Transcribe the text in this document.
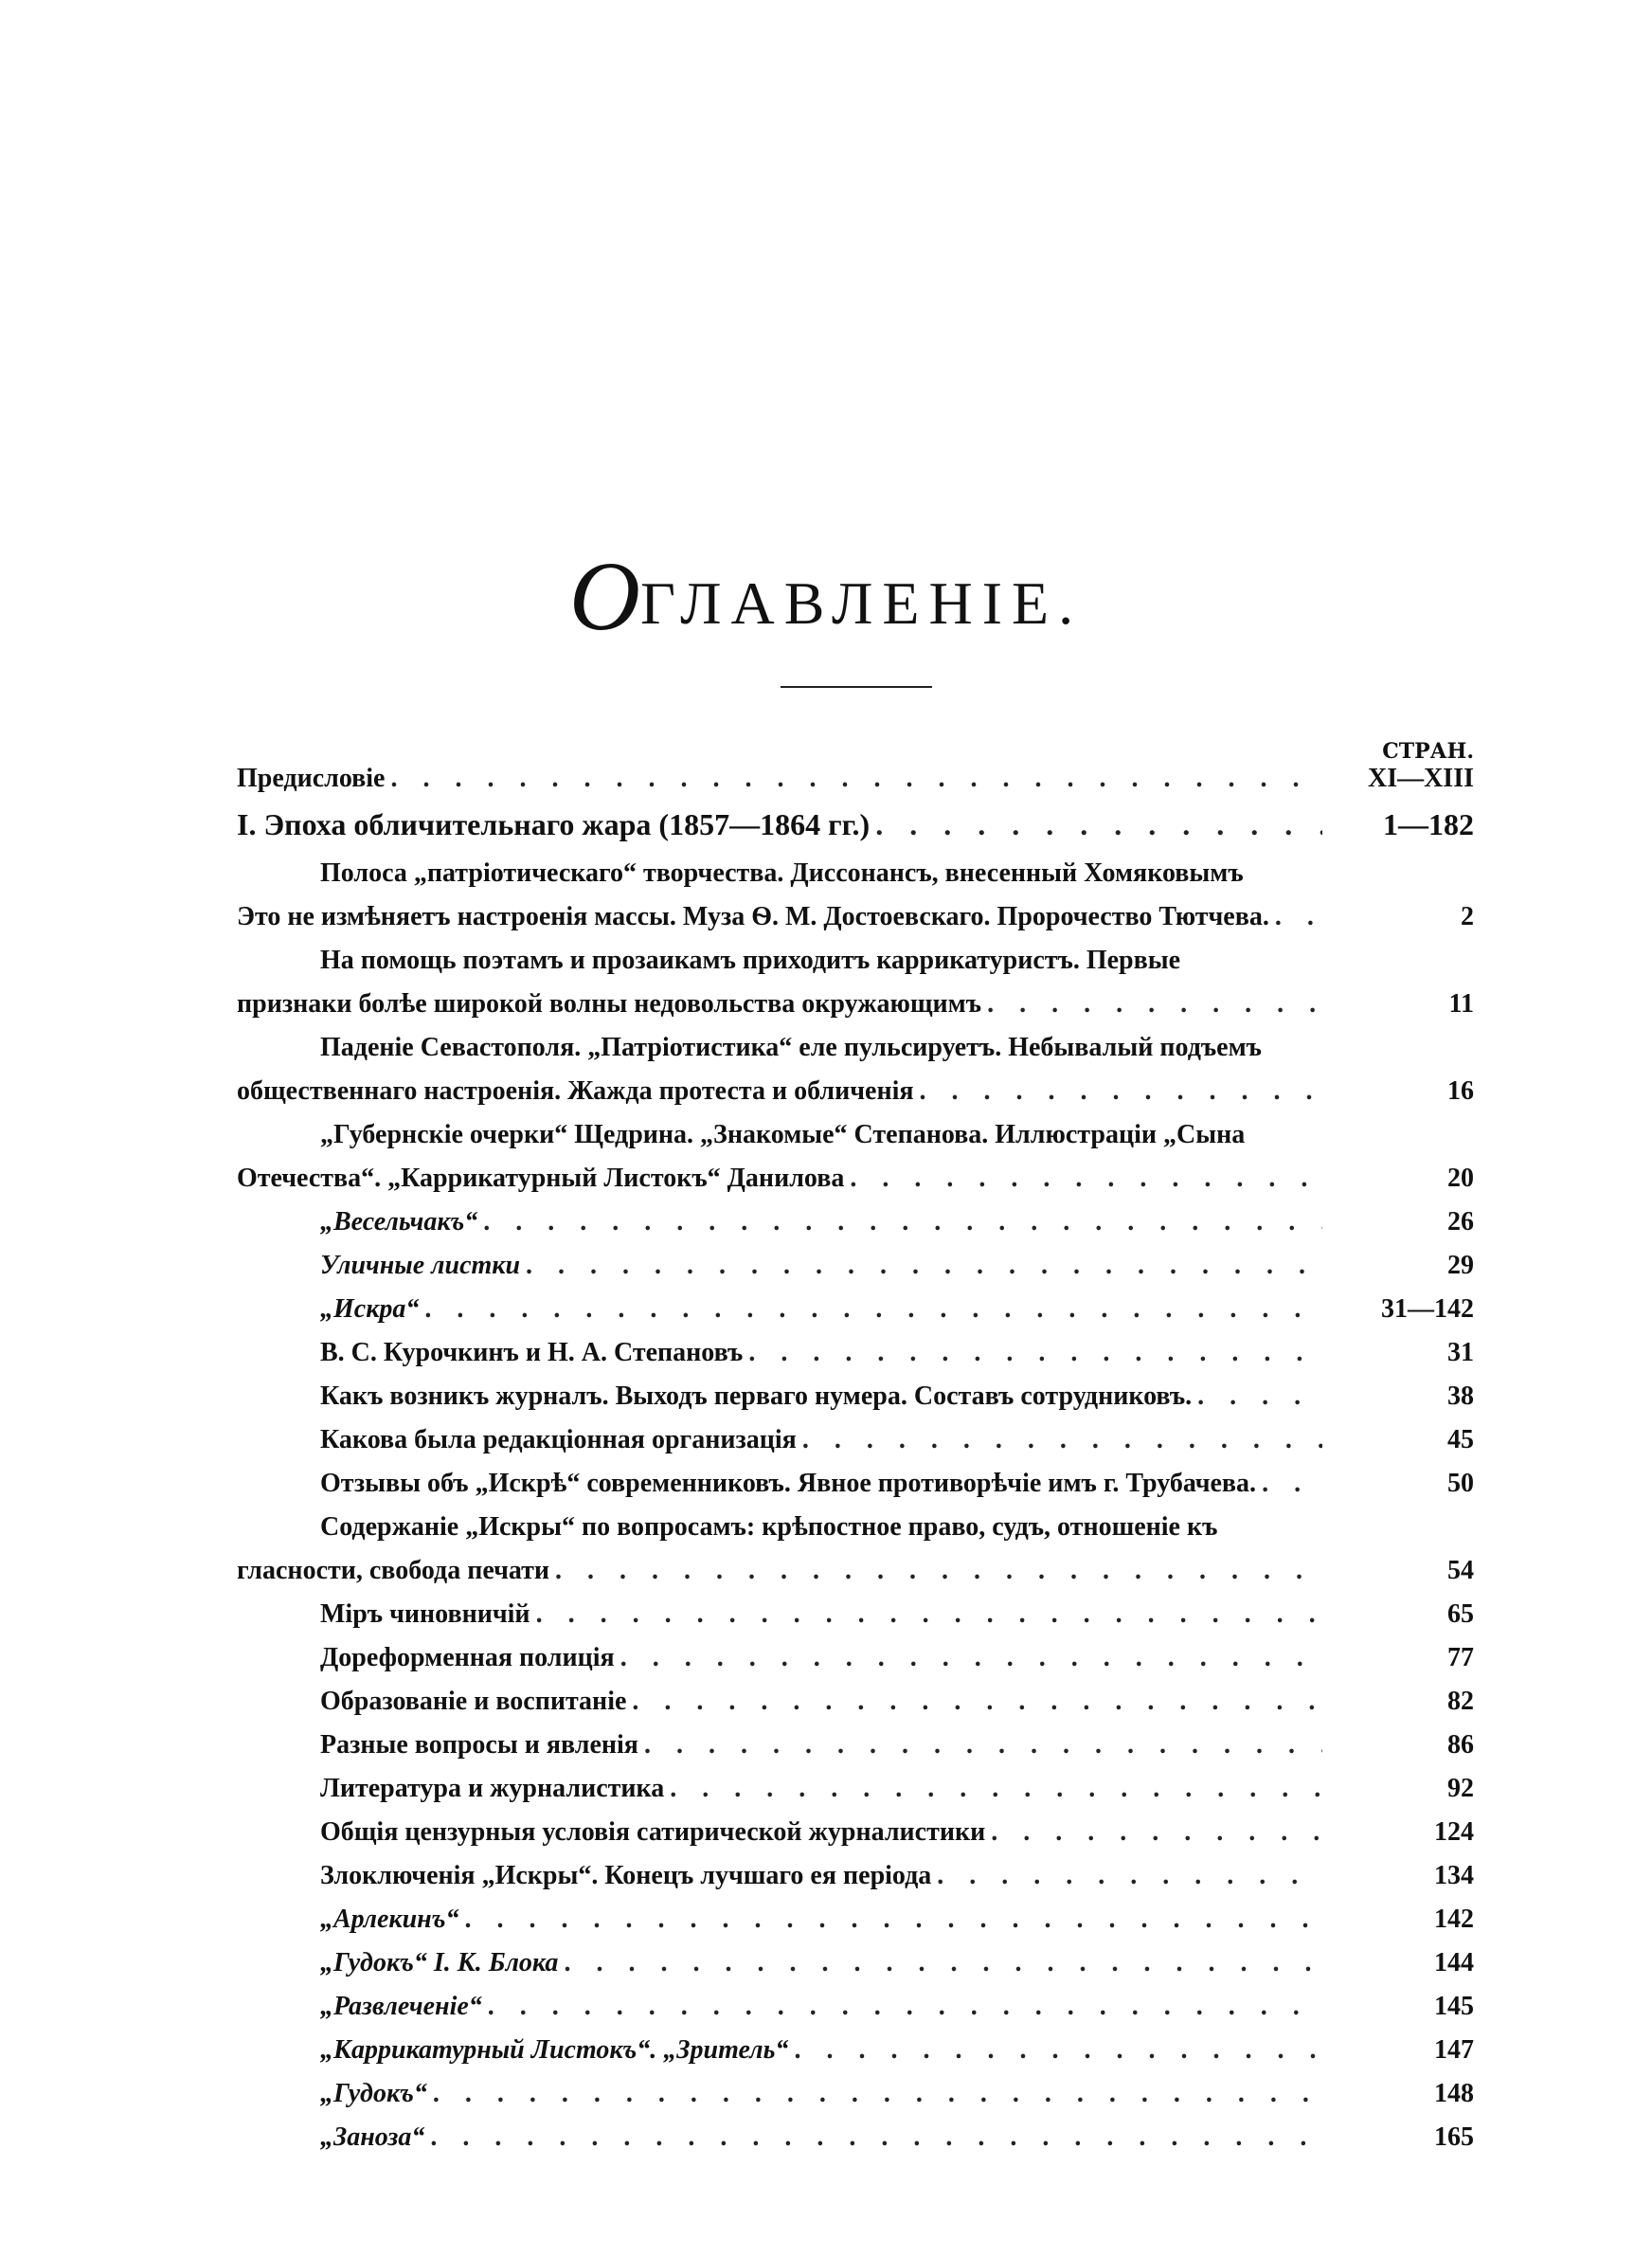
ОГЛАВЛЕНІЕ.
СТРАН.
Предисловіе . . .	XI—XIII
I. Эпоха обличительнаго жара (1857—1864 гг.) . . .	1—182
Полоса „патріотическаго“ творчества. Диссонансъ, внесенный Хомяковымъ
Это не измѣняетъ настроенія массы. Муза Ѳ. М. Достоевскаго. Пророчество Тютчева. . . .	2
На помощь поэтамъ и прозаикамъ приходитъ каррикатуристъ. Первые
признаки болѣе широкой волны недовольства окружающимъ . . .	11
Паденіе Севастополя. „Патріотистика“ еле пульсируетъ. Небывалый подъемъ
общественнаго настроенія. Жажда протеста и обличенія . . .	16
„Губернскіе очерки“ Щедрина. „Знакомые“ Степанова. Иллюстраціи „Сына
Отечества“. „Каррикатурный Листокъ“ Данилова . . .	20
„Весельчакъ“ . . .	26
Уличные листки . . .	29
„Искра“ . . .	31—142
В. С. Курочкинъ и Н. А. Степановъ . . .	31
Какъ возникъ журналъ. Выходъ перваго нумера. Составъ сотрудниковъ. . . .	38
Какова была редакціонная организація . . .	45
Отзывы объ „Искрѣ“ современниковъ. Явное противорѣчіе имъ г. Трубачева. . . .	50
Содержаніе „Искры“ по вопросамъ: крѣпостное право, судъ, отношеніе къ
гласности, свобода печати . . .	54
Міръ чиновничій . . .	65
Дореформенная полиція . . .	77
Образованіе и воспитаніе . . .	82
Разные вопросы и явленія . . .	86
Литература и журналистика . . .	92
Общія цензурныя условія сатирической журналистики . . .	124
Злоключенія „Искры“. Конецъ лучшаго ея періода . . .	134
„Арлекинъ“ . . .	142
„Гудокъ“ І. К. Блока . . .	144
„Развлеченіе“ . . .	145
„Каррикатурный Листокъ“. „Зритель“ . . .	147
„Гудокъ“ . . .	148
„Заноза“ . . .	165
